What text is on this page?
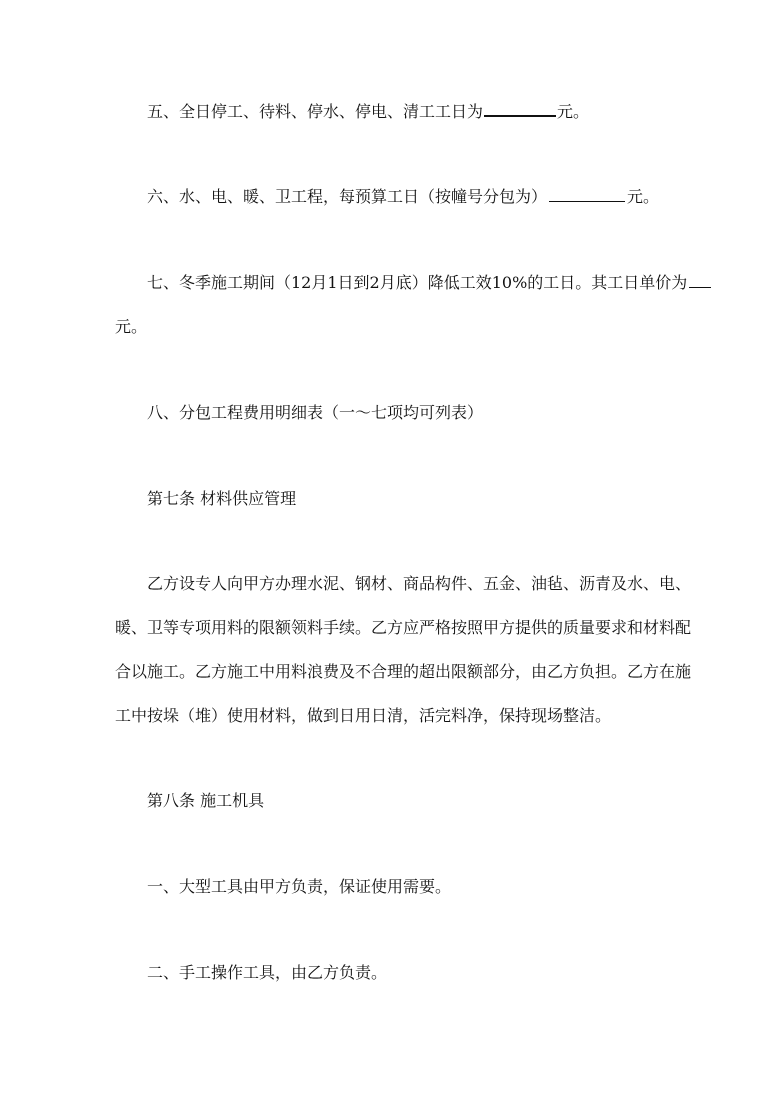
五、全日停工、待料、停水、停电、清工工日为	元。
六、水、电、暖、卫工程，每预算工日（按幢号分包为）	元。
七、冬季施工期间（12月1日到2月底）降低工效10%的工日。其工日单价为
元。
八、分包工程费用明细表（一～七项均可列表）
第七条 材料供应管理
乙方设专人向甲方办理水泥、钢材、商品构件、五金、油毡、沥青及水、电、
暖、卫等专项用料的限额领料手续。乙方应严格按照甲方提供的质量要求和材料配
合以施工。乙方施工中用料浪费及不合理的超出限额部分，由乙方负担。乙方在施
工中按垛（堆）使用材料，做到日用日清，活完料净，保持现场整洁。
第八条 施工机具
一、大型工具由甲方负责，保证使用需要。
二、手工操作工具，由乙方负责。
